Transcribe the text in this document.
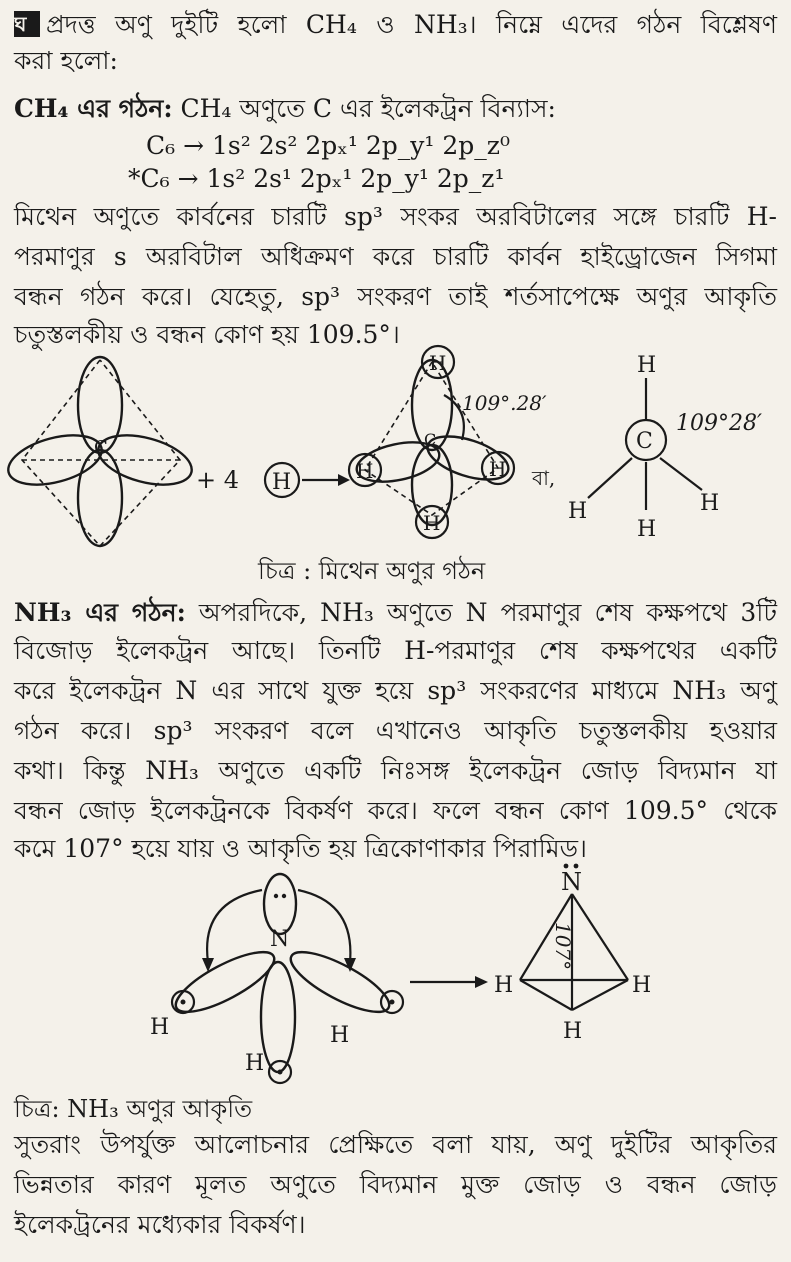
ঘ প্রদত্ত অণু দুইটি হলো CH₄ ও NH₃। নিম্নে এদের গঠন বিশ্লেষণ
করা হলো:
CH₄ এর গঠন: CH₄ অণুতে C এর ইলেকট্রন বিন্যাস:
C₆ → 1s² 2s² 2pₓ¹ 2p_y¹ 2p_z⁰
*C₆ → 1s² 2s¹ 2pₓ¹ 2p_y¹ 2p_z¹
মিথেন অণুতে কার্বনের চারটি sp³ সংকর অরবিটালের সঙ্গে চারটি H-
পরমাণুর s অরবিটাল অধিক্রমণ করে চারটি কার্বন হাইড্রোজেন সিগমা
বন্ধন গঠন করে। যেহেতু, sp³ সংকরণ তাই শর্তসাপেক্ষে অণুর আকৃতি
চতুস্তলকীয় ও বন্ধন কোণ হয় 109.5°।
C
+ 4 H
H
H	H
H
C
109°.28′
বা,
H
C
109°28′
H	H
H
চিত্র : মিথেন অণুর গঠন
NH₃ এর গঠন: অপরদিকে, NH₃ অণুতে N পরমাণুর শেষ কক্ষপথে 3টি
বিজোড় ইলেকট্রন আছে। তিনটি H-পরমাণুর শেষ কক্ষপথের একটি
করে ইলেকট্রন N এর সাথে যুক্ত হয়ে sp³ সংকরণের মাধ্যমে NH₃ অণু
গঠন করে। sp³ সংকরণ বলে এখানেও আকৃতি চতুস্তলকীয় হওয়ার
কথা। কিন্তু NH₃ অণুতে একটি নিঃসঙ্গ ইলেকট্রন জোড় বিদ্যমান যা
বন্ধন জোড় ইলেকট্রনকে বিকর্ষণ করে। ফলে বন্ধন কোণ 109.5° থেকে
কমে 107° হয়ে যায় ও আকৃতি হয় ত্রিকোণাকার পিরামিড।
N
H	H
H
N
107°
H	H
H
চিত্র: NH₃ অণুর আকৃতি
সুতরাং উপর্যুক্ত আলোচনার প্রেক্ষিতে বলা যায়, অণু দুইটির আকৃতির
ভিন্নতার কারণ মূলত অণুতে বিদ্যমান মুক্ত জোড় ও বন্ধন জোড়
ইলেকট্রনের মধ্যেকার বিকর্ষণ।
